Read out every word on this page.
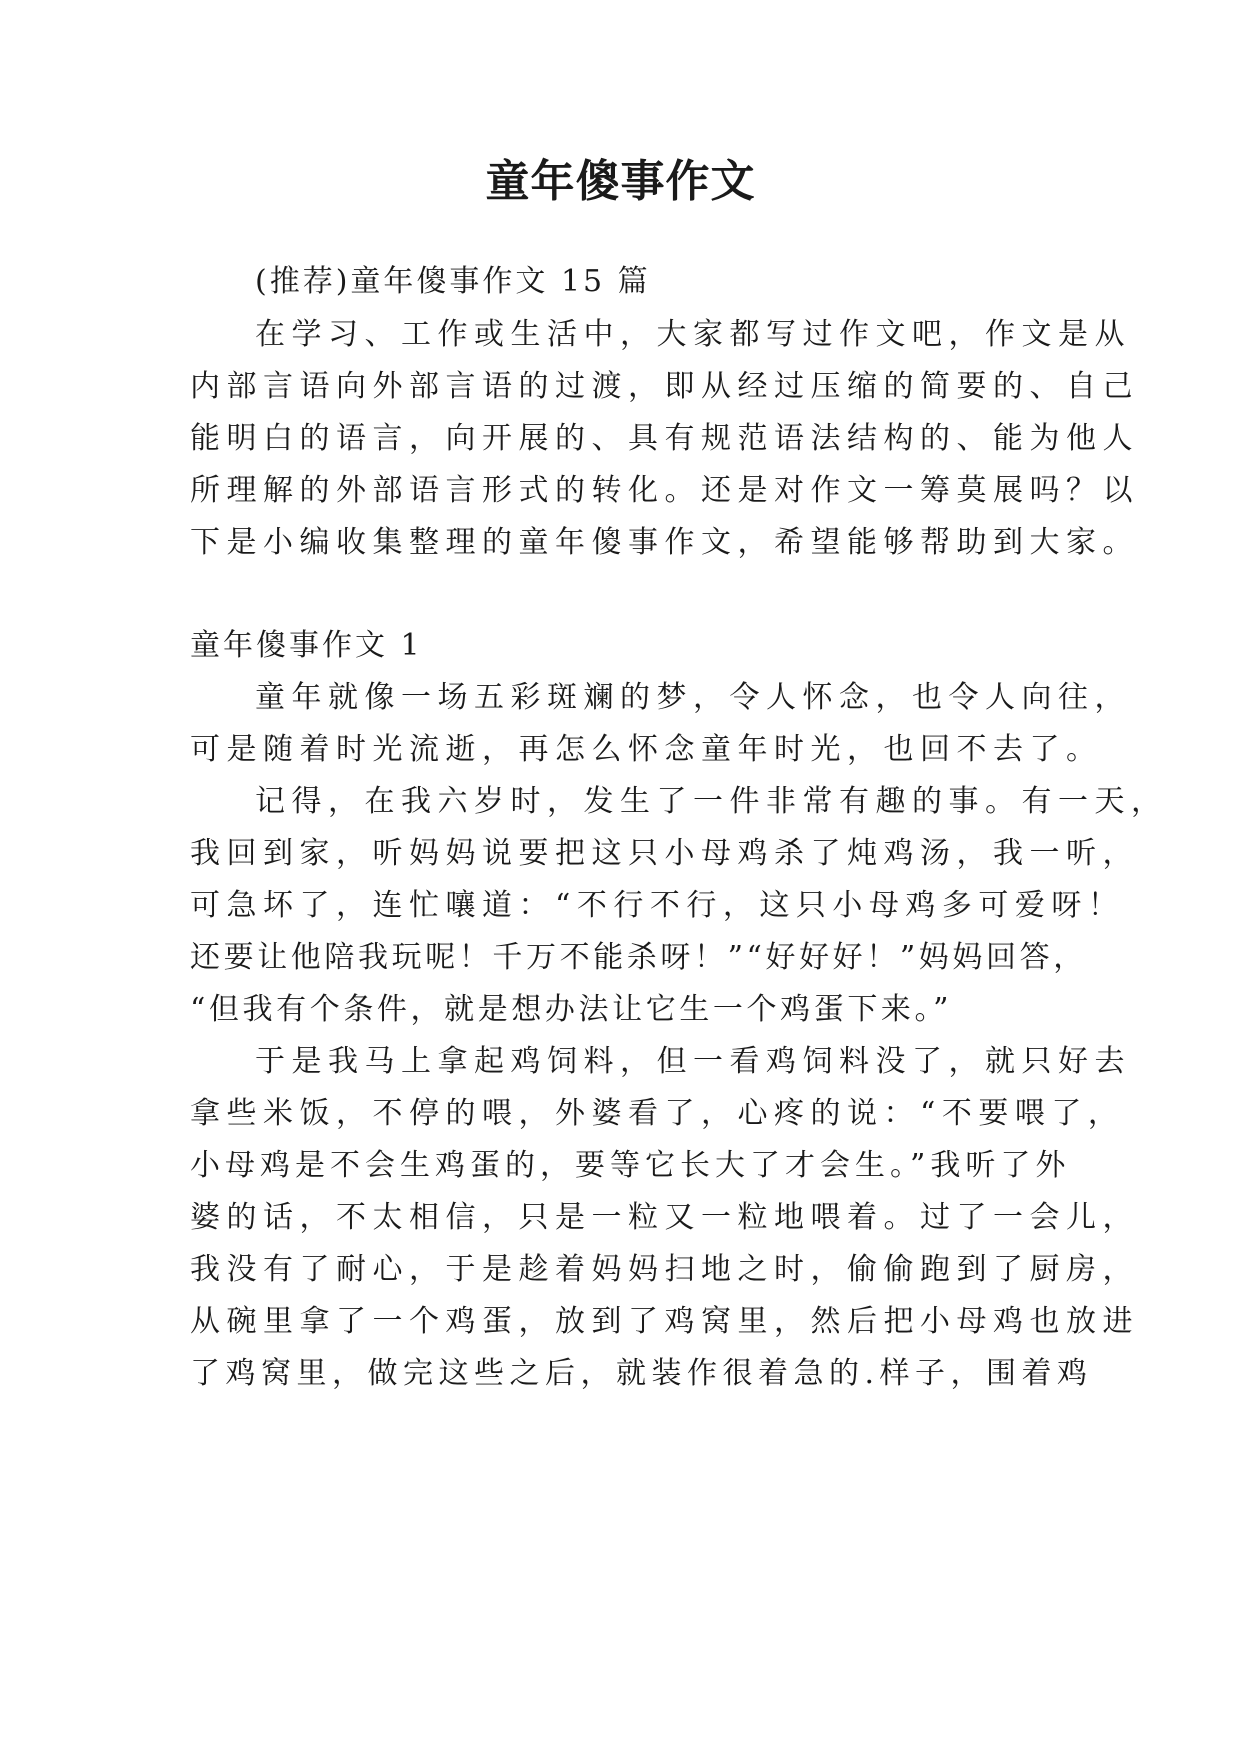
童年傻事作文

(推荐)童年傻事作文 15 篇

在学习、工作或生活中，大家都写过作文吧，作文是从

内部言语向外部言语的过渡，即从经过压缩的简要的、自己

能明白的语言，向开展的、具有规范语法结构的、能为他人

所理解的外部语言形式的转化。还是对作文一筹莫展吗？以

下是小编收集整理的童年傻事作文，希望能够帮助到大家。

童年傻事作文 1

童年就像一场五彩斑斓的梦，令人怀念，也令人向往，

可是随着时光流逝，再怎么怀念童年时光，也回不去了。

记得，在我六岁时，发生了一件非常有趣的事。有一天，

我回到家，听妈妈说要把这只小母鸡杀了炖鸡汤，我一听，

可急坏了，连忙嚷道：“不行不行，这只小母鸡多可爱呀！

还要让他陪我玩呢！千万不能杀呀！”“好好好！”妈妈回答，

“但我有个条件，就是想办法让它生一个鸡蛋下来。”

于是我马上拿起鸡饲料，但一看鸡饲料没了，就只好去

拿些米饭，不停的喂，外婆看了，心疼的说：“不要喂了，

小母鸡是不会生鸡蛋的，要等它长大了才会生。”我听了外

婆的话，不太相信，只是一粒又一粒地喂着。过了一会儿，

我没有了耐心，于是趁着妈妈扫地之时，偷偷跑到了厨房，

从碗里拿了一个鸡蛋，放到了鸡窝里，然后把小母鸡也放进

了鸡窝里，做完这些之后，就装作很着急的.样子，围着鸡
